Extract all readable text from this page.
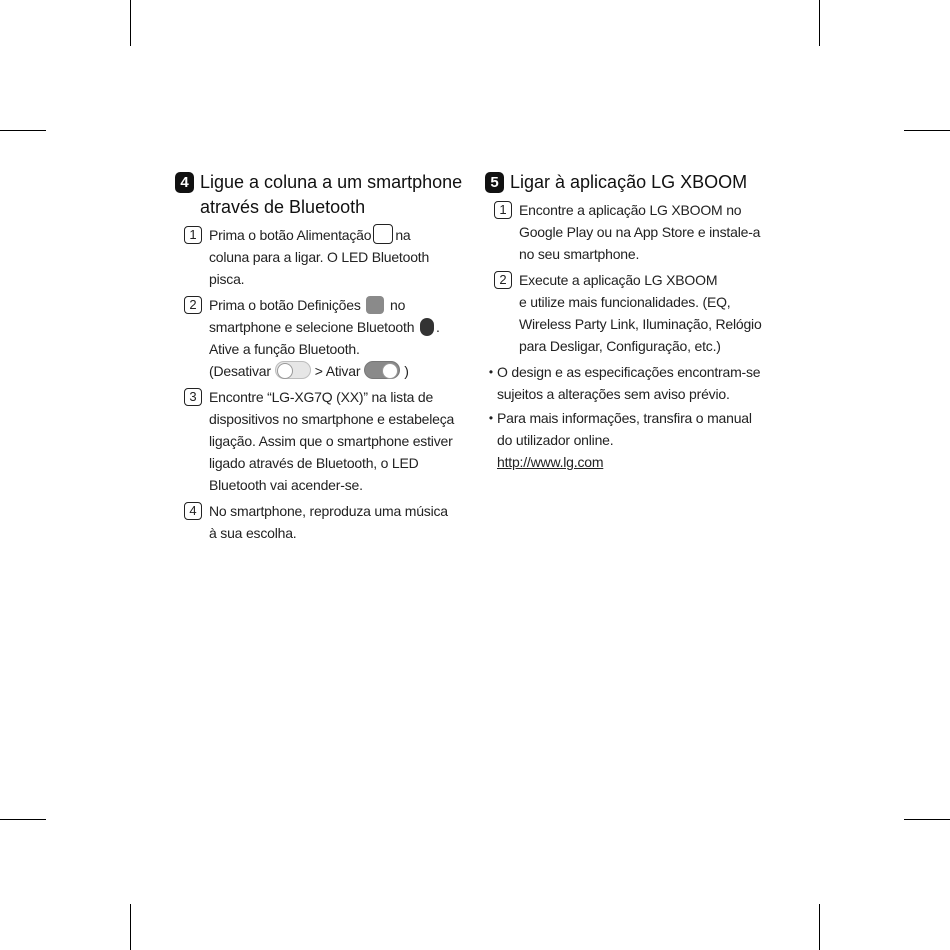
4 Ligue a coluna a um smartphone
através de Bluetooth
1 Prima o botão Alimentação na
coluna para a ligar. O LED Bluetooth
pisca.
2 Prima o botão Definições no
smartphone e selecione Bluetooth .
Ative a função Bluetooth.
(Desativar	> Ativar	)
3 Encontre “LG-XG7Q (XX)” na lista de
dispositivos no smartphone e estabeleça
ligação. Assim que o smartphone estiver
ligado através de Bluetooth, o LED
Bluetooth vai acender-se.
4 No smartphone, reproduza uma música
à sua escolha.
5 Ligar à aplicação LG XBOOM
1 Encontre a aplicação LG XBOOM no
Google Play ou na App Store e instale-a
no seu smartphone.
2 Execute a aplicação LG XBOOM
e utilize mais funcionalidades. (EQ,
Wireless Party Link, Iluminação, Relógio
para Desligar, Configuração, etc.)
• O design e as especificações encontram-se
sujeitos a alterações sem aviso prévio.
• Para mais informações, transfira o manual
do utilizador online.
http://www.lg.com
